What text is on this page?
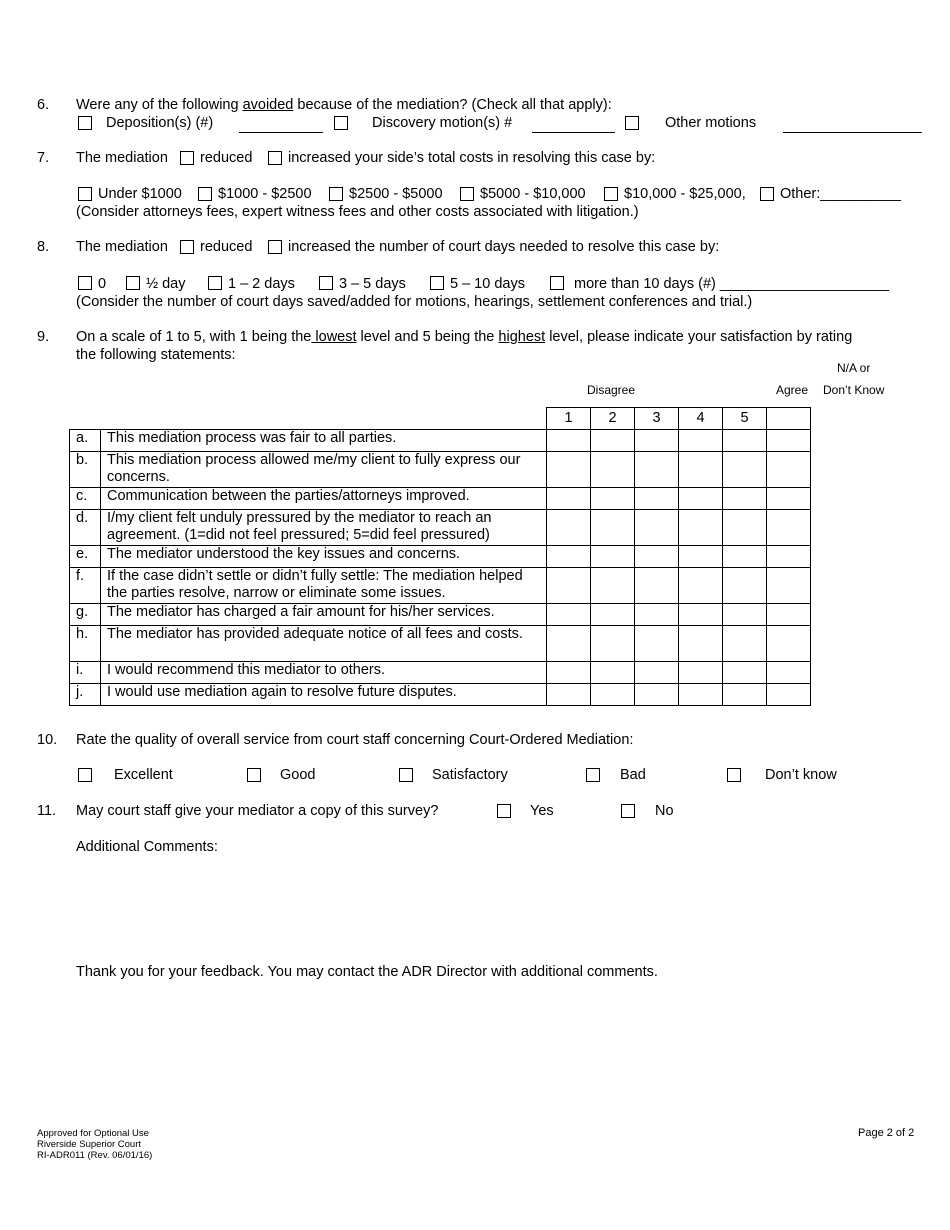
6. Were any of the following avoided because of the mediation? (Check all that apply):
Deposition(s) (#)	Discovery motion(s) #	Other motions
7. The mediation reduced increased your side’s total costs in resolving this case by:
Under $1000 $1000 - $2500	$2500 - $5000	$5000 - $10,000	$10,000 - $25,000, Other:__________
(Consider attorneys fees, expert witness fees and other costs associated with litigation.)
8. The mediation reduced increased the number of court days needed to resolve this case by:
0	½ day	1 – 2 days	3 – 5 days	5 – 10 days	more than 10 days (#) _____________________
(Consider the number of court days saved/added for motions, hearings, settlement conferences and trial.)
9. On a scale of 1 to 5, with 1 being the lowest level and 5 being the highest level, please indicate your satisfaction by rating
the following statements:
N/A or
Don’t Know
Disagree	Agree
		1	2	3	4	5	
a.	This mediation process was fair to all parties.						
b.	This mediation process allowed me/my client to fully express our concerns.						
c.	Communication between the parties/attorneys improved.						
d.	I/my client felt unduly pressured by the mediator to reach an agreement. (1=did not feel pressured; 5=did feel pressured)						
e.	The mediator understood the key issues and concerns.						
f.	If the case didn’t settle or didn’t fully settle: The mediation helped the parties resolve, narrow or eliminate some issues.						
g.	The mediator has charged a fair amount for his/her services.						
h.	The mediator has provided adequate notice of all fees and costs.						
i.	I would recommend this mediator to others.						
j.	I would use mediation again to resolve future disputes.						
10. Rate the quality of overall service from court staff concerning Court-Ordered Mediation:
Excellent	Good	Satisfactory	Bad	Don’t know
11. May court staff give your mediator a copy of this survey?	Yes	No
Additional Comments:
Thank you for your feedback. You may contact the ADR Director with additional comments.
Approved for Optional Use
Riverside Superior Court
RI-ADR011 (Rev. 06/01/16)
Page 2 of 2
